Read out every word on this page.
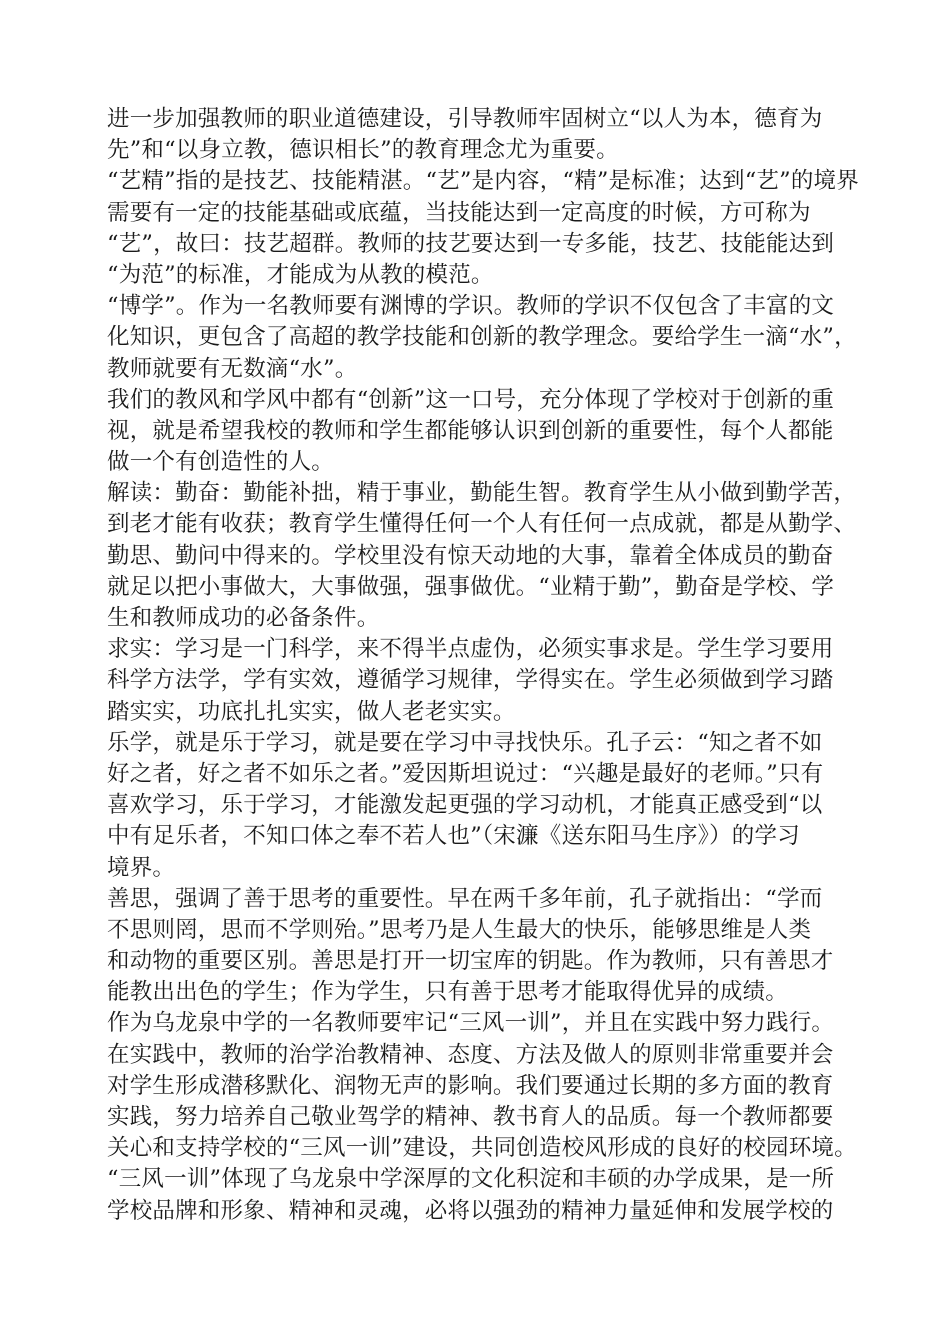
进一步加强教师的职业道德建设，引导教师牢固树立“以人为本，德育为
先”和“以身立教，德识相长”的教育理念尤为重要。
“艺精”指的是技艺、技能精湛。“艺”是内容，“精”是标准；达到“艺”的境界
需要有一定的技能基础或底蕴，当技能达到一定高度的时候，方可称为
“艺”，故曰：技艺超群。教师的技艺要达到一专多能，技艺、技能能达到
“为范”的标准，才能成为从教的模范。
“博学”。作为一名教师要有渊博的学识。教师的学识不仅包含了丰富的文
化知识，更包含了高超的教学技能和创新的教学理念。要给学生一滴“水”，
教师就要有无数滴“水”。
我们的教风和学风中都有“创新”这一口号，充分体现了学校对于创新的重
视，就是希望我校的教师和学生都能够认识到创新的重要性，每个人都能
做一个有创造性的人。
解读：勤奋：勤能补拙，精于事业，勤能生智。教育学生从小做到勤学苦，
到老才能有收获；教育学生懂得任何一个人有任何一点成就，都是从勤学、
勤思、勤问中得来的。学校里没有惊天动地的大事，靠着全体成员的勤奋
就足以把小事做大，大事做强，强事做优。“业精于勤”，勤奋是学校、学
生和教师成功的必备条件。
求实：学习是一门科学，来不得半点虚伪，必须实事求是。学生学习要用
科学方法学，学有实效，遵循学习规律，学得实在。学生必须做到学习踏
踏实实，功底扎扎实实，做人老老实实。
乐学，就是乐于学习，就是要在学习中寻找快乐。孔子云：“知之者不如
好之者，好之者不如乐之者。”爱因斯坦说过：“兴趣是最好的老师。”只有
喜欢学习，乐于学习，才能激发起更强的学习动机，才能真正感受到“以
中有足乐者，不知口体之奉不若人也”（宋濂《送东阳马生序》）的学习
境界。
善思，强调了善于思考的重要性。早在两千多年前，孔子就指出：“学而
不思则罔，思而不学则殆。”思考乃是人生最大的快乐，能够思维是人类
和动物的重要区别。善思是打开一切宝库的钥匙。作为教师，只有善思才
能教出出色的学生；作为学生，只有善于思考才能取得优异的成绩。
作为乌龙泉中学的一名教师要牢记“三风一训”，并且在实践中努力践行。
在实践中，教师的治学治教精神、态度、方法及做人的原则非常重要并会
对学生形成潜移默化、润物无声的影响。我们要通过长期的多方面的教育
实践，努力培养自己敬业驾学的精神、教书育人的品质。每一个教师都要
关心和支持学校的“三风一训”建设，共同创造校风形成的良好的校园环境。
“三风一训”体现了乌龙泉中学深厚的文化积淀和丰硕的办学成果，是一所
学校品牌和形象、精神和灵魂，必将以强劲的精神力量延伸和发展学校的
